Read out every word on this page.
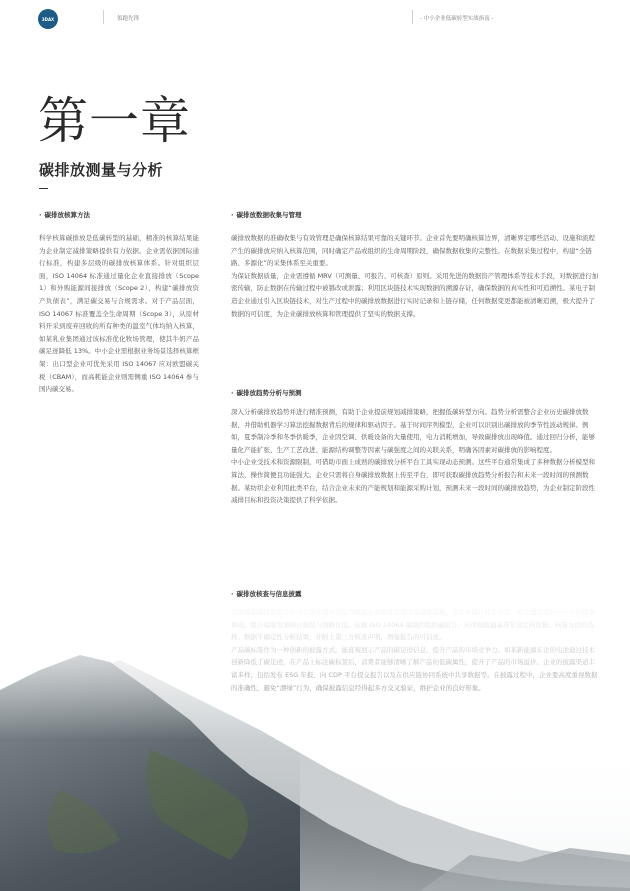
3DAX	領跑先锋	- 中小企业低碳转型实战指南 -
第一章
碳排放测量与分析
· 碳排放核算方法

科学核算碳排放是低碳转型的基础，精准的核算结果能为企业制定减排策略提供有力依据。企业需依据国际通行标准，构建多层级的碳排放核算体系。针对组织层面，ISO 14064 标准通过量化企业直接排放（Scope 1）和外购能源间接排放（Scope 2），构建“碳排放资产负债表”，满足碳交易与合规需求。对于产品层面，ISO 14067 标准覆盖全生命周期（Scope 3），从原材料开采到废弃回收的所有种类的温室气体均纳入核算，如某乳业集团通过该标准优化牧场管理，使其牛奶产品碳足迹降低 13%。中小企业需根据业务场景选择核算框架：出口型企业可优先采用 ISO 14067 应对欧盟碳关税（CBAM），而高耗能企业则需侧重 ISO 14064 参与国内碳交易。

· 碳排放数据收集与管理

碳排放数据的准确收集与有效管理是确保核算结果可靠的关键环节。企业首先要明确核算边界，清晰界定哪些活动、设施和流程产生的碳排放应纳入核算范围，同时确定产品或组织的生命周期阶段，确保数据收集的完整性。在数据采集过程中，构建“全链路、多源化”的采集体系至关重要。

为保证数据质量，企业需遵循 MRV（可测量、可报告、可核查）原则。采用先进的数据资产管理体系等技术手段，对数据进行加密传输，防止数据在传输过程中被篡改或泄露；利用区块链技术实现数据的溯源存证，确保数据的真实性和可追溯性。某电子制造企业通过引入区块链技术，对生产过程中的碳排放数据进行实时记录和上链存储，任何数据变更都能被清晰追溯，极大提升了数据的可信度，为企业碳排放核算和管理提供了坚实的数据支撑。

· 碳排放趋势分析与预测

深入分析碳排放趋势并进行精准预测，有助于企业提前规划减排策略，把握低碳转型方向。趋势分析需整合企业历史碳排放数据，并借助机器学习算法挖掘数据背后的规律和驱动因子。基于时间序列模型，企业可以识别出碳排放的季节性波动规律。例如，夏季制冷季和冬季供暖季，企业因空调、供暖设备的大量使用，电力消耗增加，导致碳排放出现峰值。通过回归分析，能够量化产能扩张、生产工艺改进、能源结构调整等因素与碳强度之间的关联关系，明确各因素对碳排放的影响程度。

中小企业受技术和资源限制，可借助市面上成熟的碳排放分析平台工具实现动态预测。这些平台通常集成了多种数据分析模型和算法，操作简便且功能强大。企业只需将自身碳排放数据上传至平台，即可获取碳排放趋势分析报告和未来一段时间的预测数据。某纺织企业利用此类平台，结合企业未来的产能规划和能源采购计划，预测未来一段时间的碳排放趋势，为企业制定阶段性减排目标和投资决策提供了科学依据。

· 碳排放核查与信息披露
